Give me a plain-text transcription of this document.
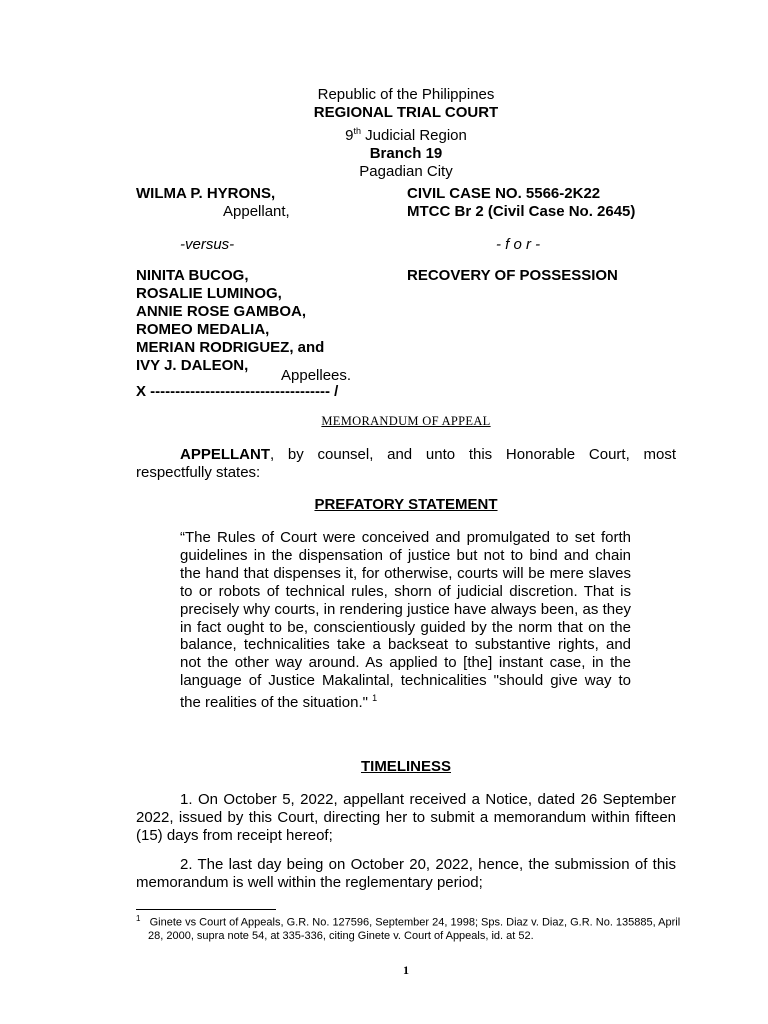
Republic of the Philippines
REGIONAL TRIAL COURT
9th Judicial Region
Branch 19
Pagadian City
WILMA P. HYRONS,
Appellant,
-versus-
NINITA BUCOG,
ROSALIE LUMINOG,
ANNIE ROSE GAMBOA,
ROMEO MEDALIA,
MERIAN RODRIGUEZ, and
IVY J. DALEON,
Appellees.
X ------------------------------------ /
CIVIL CASE NO. 5566-2K22
MTCC Br 2 (Civil Case No. 2645)
- f o r -
RECOVERY OF POSSESSION
MEMORANDUM OF APPEAL
APPELLANT, by counsel, and unto this Honorable Court, most respectfully states:
PREFATORY STATEMENT
“The Rules of Court were conceived and promulgated to set forth guidelines in the dispensation of justice but not to bind and chain the hand that dispenses it, for otherwise, courts will be mere slaves to or robots of technical rules, shorn of judicial discretion. That is precisely why courts, in rendering justice have always been, as they in fact ought to be, conscientiously guided by the norm that on the balance, technicalities take a backseat to substantive rights, and not the other way around. As applied to [the] instant case, in the language of Justice Makalintal, technicalities "should give way to the realities of the situation." $^1$
TIMELINESS
1. On October 5, 2022, appellant received a Notice, dated 26 September 2022, issued by this Court, directing her to submit a memorandum within fifteen (15) days from receipt hereof;
2. The last day being on October 20, 2022, hence, the submission of this memorandum is well within the reglementary period;
$^1$ Ginete vs Court of Appeals, G.R. No. 127596, September 24, 1998; Sps. Diaz v. Diaz, G.R. No. 135885, April 28, 2000, supra note 54, at 335-336, citing Ginete v. Court of Appeals, id. at 52.
1
